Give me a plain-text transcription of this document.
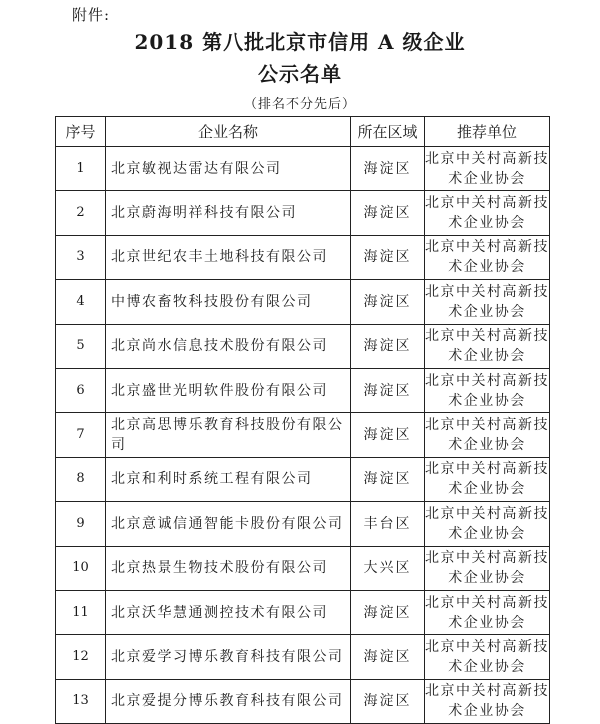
附件:
2018 第八批北京市信用 A 级企业
公示名单
（排名不分先后）
序号	企业名称	所在区域	推荐单位
1	北京敏视达雷达有限公司	海淀区	北京中关村高新技术企业协会
2	北京蔚海明祥科技有限公司	海淀区	北京中关村高新技术企业协会
3	北京世纪农丰土地科技有限公司	海淀区	北京中关村高新技术企业协会
4	中博农畜牧科技股份有限公司	海淀区	北京中关村高新技术企业协会
5	北京尚水信息技术股份有限公司	海淀区	北京中关村高新技术企业协会
6	北京盛世光明软件股份有限公司	海淀区	北京中关村高新技术企业协会
7	北京高思博乐教育科技股份有限公司	海淀区	北京中关村高新技术企业协会
8	北京和利时系统工程有限公司	海淀区	北京中关村高新技术企业协会
9	北京意诚信通智能卡股份有限公司	丰台区	北京中关村高新技术企业协会
10	北京热景生物技术股份有限公司	大兴区	北京中关村高新技术企业协会
11	北京沃华慧通测控技术有限公司	海淀区	北京中关村高新技术企业协会
12	北京爱学习博乐教育科技有限公司	海淀区	北京中关村高新技术企业协会
13	北京爱提分博乐教育科技有限公司	海淀区	北京中关村高新技术企业协会
